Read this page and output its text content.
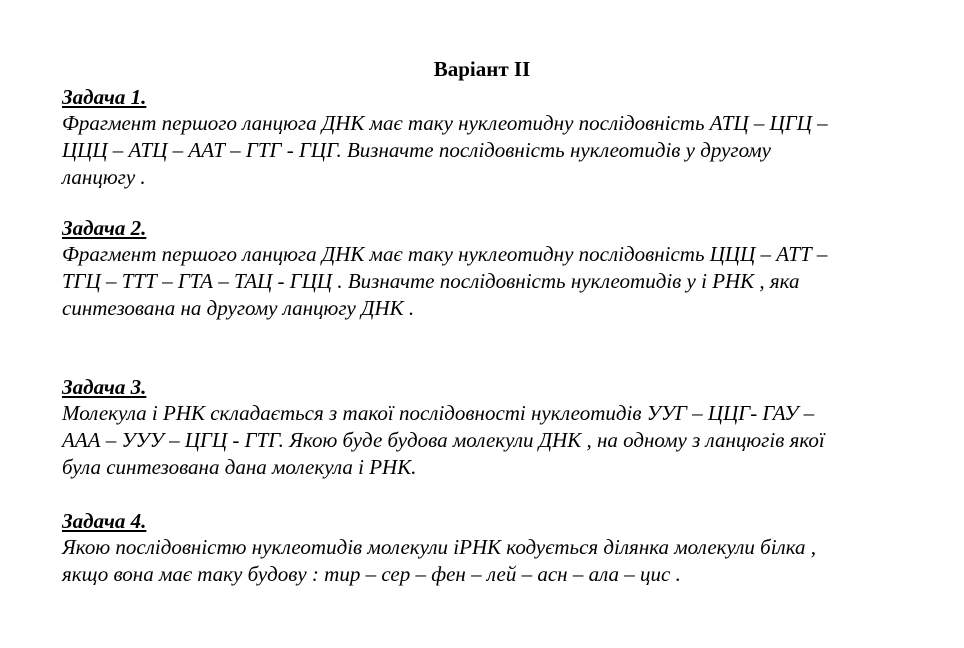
Варіант ІІ
Задача 1.
Фрагмент першого ланцюга ДНК має таку нуклеотидну послідовність АТЦ – ЦГЦ –
ЦЦЦ – АТЦ – ААТ – ГТГ - ГЦГ. Визначте послідовність нуклеотидів у другому
ланцюгу .
Задача 2.
Фрагмент першого ланцюга ДНК має таку нуклеотидну послідовність ЦЦЦ – АТТ –
ТГЦ – ТТТ – ГТА – ТАЦ - ГЦЦ . Визначте послідовність нуклеотидів у і РНК , яка
синтезована на другому ланцюгу ДНК .
Задача 3.
Молекула і РНК складається з такої послідовності нуклеотидів УУГ – ЦЦГ- ГАУ –
ААА – УУУ – ЦГЦ - ГТГ. Якою буде будова молекули ДНК , на одному з ланцюгів якої
була синтезована дана молекула і РНК.
Задача 4.
Якою послідовністю нуклеотидів молекули іРНК кодується ділянка молекули білка ,
якщо вона має таку будову : тир – сер – фен – лей – асн – ала – цис .
